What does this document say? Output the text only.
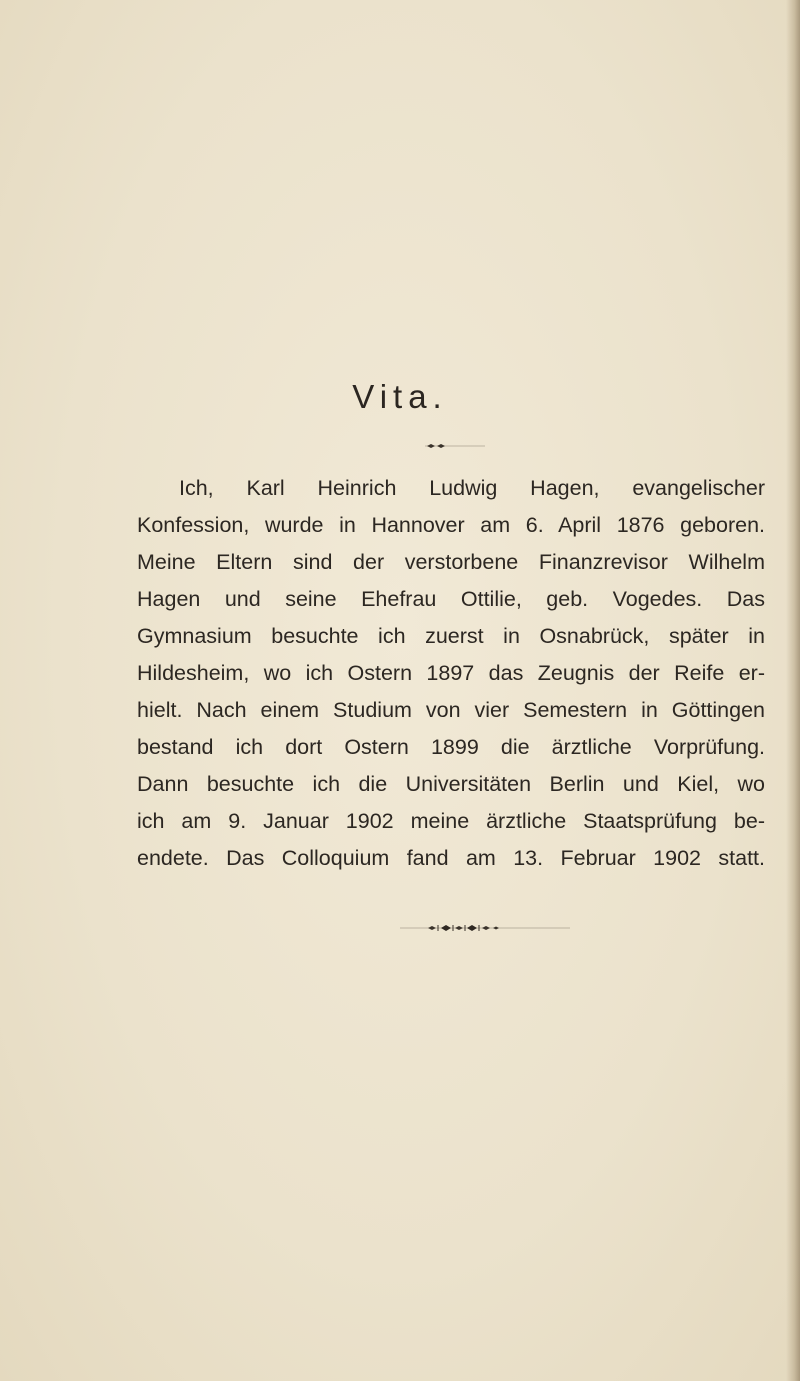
Vita.
Ich, Karl Heinrich Ludwig Hagen, evangelischer
Konfession, wurde in Hannover am 6. April 1876 geboren.
Meine Eltern sind der verstorbene Finanzrevisor Wilhelm
Hagen und seine Ehefrau Ottilie, geb. Vogedes. Das
Gymnasium besuchte ich zuerst in Osnabrück, später in
Hildesheim, wo ich Ostern 1897 das Zeugnis der Reife er-
hielt. Nach einem Studium von vier Semestern in Göttingen
bestand ich dort Ostern 1899 die ärztliche Vorprüfung.
Dann besuchte ich die Universitäten Berlin und Kiel, wo
ich am 9. Januar 1902 meine ärztliche Staatsprüfung be-
endete. Das Colloquium fand am 13. Februar 1902 statt.
